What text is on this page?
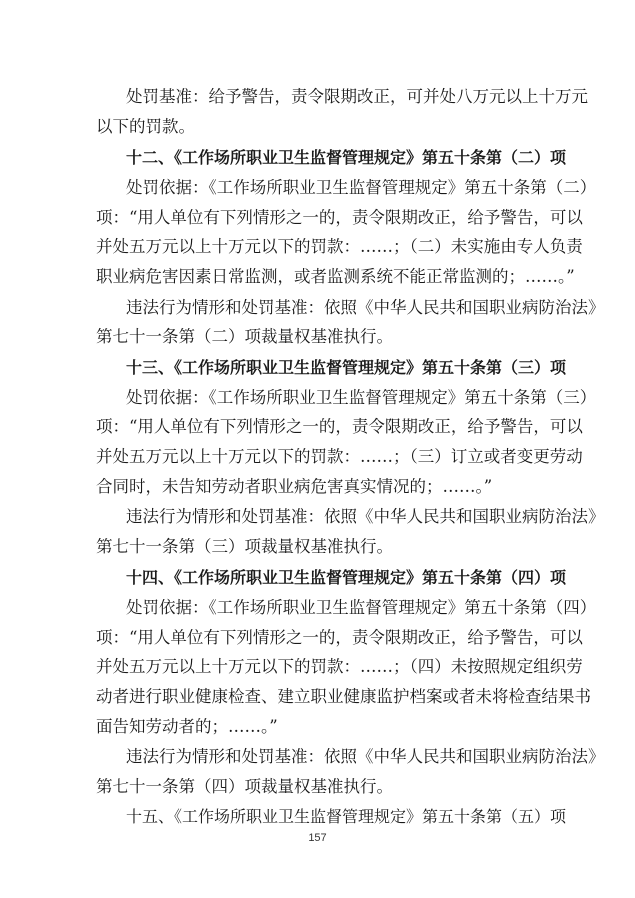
处罚基准：给予警告，责令限期改正，可并处八万元以上十万元
以下的罚款。
十二、《工作场所职业卫生监督管理规定》第五十条第（二）项
处罚依据：《工作场所职业卫生监督管理规定》第五十条第（二）
项：“用人单位有下列情形之一的，责令限期改正，给予警告，可以
并处五万元以上十万元以下的罚款：……；（二）未实施由专人负责
职业病危害因素日常监测，或者监测系统不能正常监测的；……。”
违法行为情形和处罚基准：依照《中华人民共和国职业病防治法》
第七十一条第（二）项裁量权基准执行。
十三、《工作场所职业卫生监督管理规定》第五十条第（三）项
处罚依据：《工作场所职业卫生监督管理规定》第五十条第（三）
项：“用人单位有下列情形之一的，责令限期改正，给予警告，可以
并处五万元以上十万元以下的罚款：……；（三）订立或者变更劳动
合同时，未告知劳动者职业病危害真实情况的；……。”
违法行为情形和处罚基准：依照《中华人民共和国职业病防治法》
第七十一条第（三）项裁量权基准执行。
十四、《工作场所职业卫生监督管理规定》第五十条第（四）项
处罚依据：《工作场所职业卫生监督管理规定》第五十条第（四）
项：“用人单位有下列情形之一的，责令限期改正，给予警告，可以
并处五万元以上十万元以下的罚款：……；（四）未按照规定组织劳
动者进行职业健康检查、建立职业健康监护档案或者未将检查结果书
面告知劳动者的；……。”
违法行为情形和处罚基准：依照《中华人民共和国职业病防治法》
第七十一条第（四）项裁量权基准执行。
十五、《工作场所职业卫生监督管理规定》第五十条第（五）项
157
